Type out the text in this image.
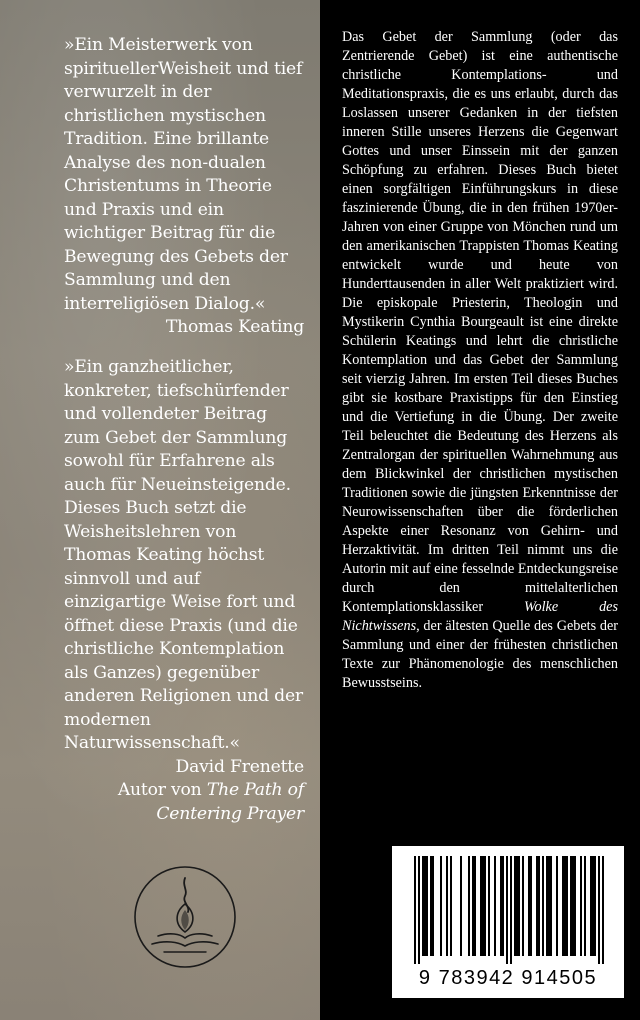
»Ein Meisterwerk von spirituellerWeisheit und tief verwurzelt in der christlichen mystischen Tradition. Eine brillante Analyse des non-dualen Christentums in Theorie und Praxis und ein wichtiger Beitrag für die Bewegung des Gebets der Sammlung und den interreligiösen Dialog.«

Thomas Keating

»Ein ganzheitlicher, konkreter, tiefschürfender und vollendeter Beitrag zum Gebet der Sammlung sowohl für Erfahrene als auch für Neueinsteigende. Dieses Buch setzt die Weisheitslehren von Thomas Keating höchst sinnvoll und auf einzigartige Weise fort und öffnet diese Praxis (und die christliche Kontemplation als Ganzes) gegenüber anderen Religionen und der modernen Naturwissenschaft.«

David Frenette
Autor von The Path of Centering Prayer

Das Gebet der Sammlung (oder das Zentrierende Gebet) ist eine authentische christliche Kontemplations- und Meditationspraxis, die es uns erlaubt, durch das Loslassen unserer Gedanken in der tiefsten inneren Stille unseres Herzens die Gegenwart Gottes und unser Einssein mit der ganzen Schöpfung zu erfahren. Dieses Buch bietet einen sorgfältigen Einführungskurs in diese faszinierende Übung, die in den frühen 1970er-Jahren von einer Gruppe von Mönchen rund um den amerikanischen Trappisten Thomas Keating entwickelt wurde und heute von Hunderttausenden in aller Welt praktiziert wird. Die episkopale Priesterin, Theologin und Mystikerin Cynthia Bourgeault ist eine direkte Schülerin Keatings und lehrt die christliche Kontemplation und das Gebet der Sammlung seit vierzig Jahren. Im ersten Teil dieses Buches gibt sie kostbare Praxistipps für den Einstieg und die Vertiefung in die Übung. Der zweite Teil beleuchtet die Bedeutung des Herzens als Zentralorgan der spirituellen Wahrnehmung aus dem Blickwinkel der christlichen mystischen Traditionen sowie die jüngsten Erkenntnisse der Neurowissenschaften über die förderlichen Aspekte einer Resonanz von Gehirn- und Herzaktivität. Im dritten Teil nimmt uns die Autorin mit auf eine fesselnde Entdeckungsreise durch den mittelalterlichen Kontemplationsklassiker Wolke des Nichtwissens, der ältesten Quelle des Gebets der Sammlung und einer der frühesten christlichen Texte zur Phänomenologie des menschlichen Bewusstseins.

9 783942 914505
